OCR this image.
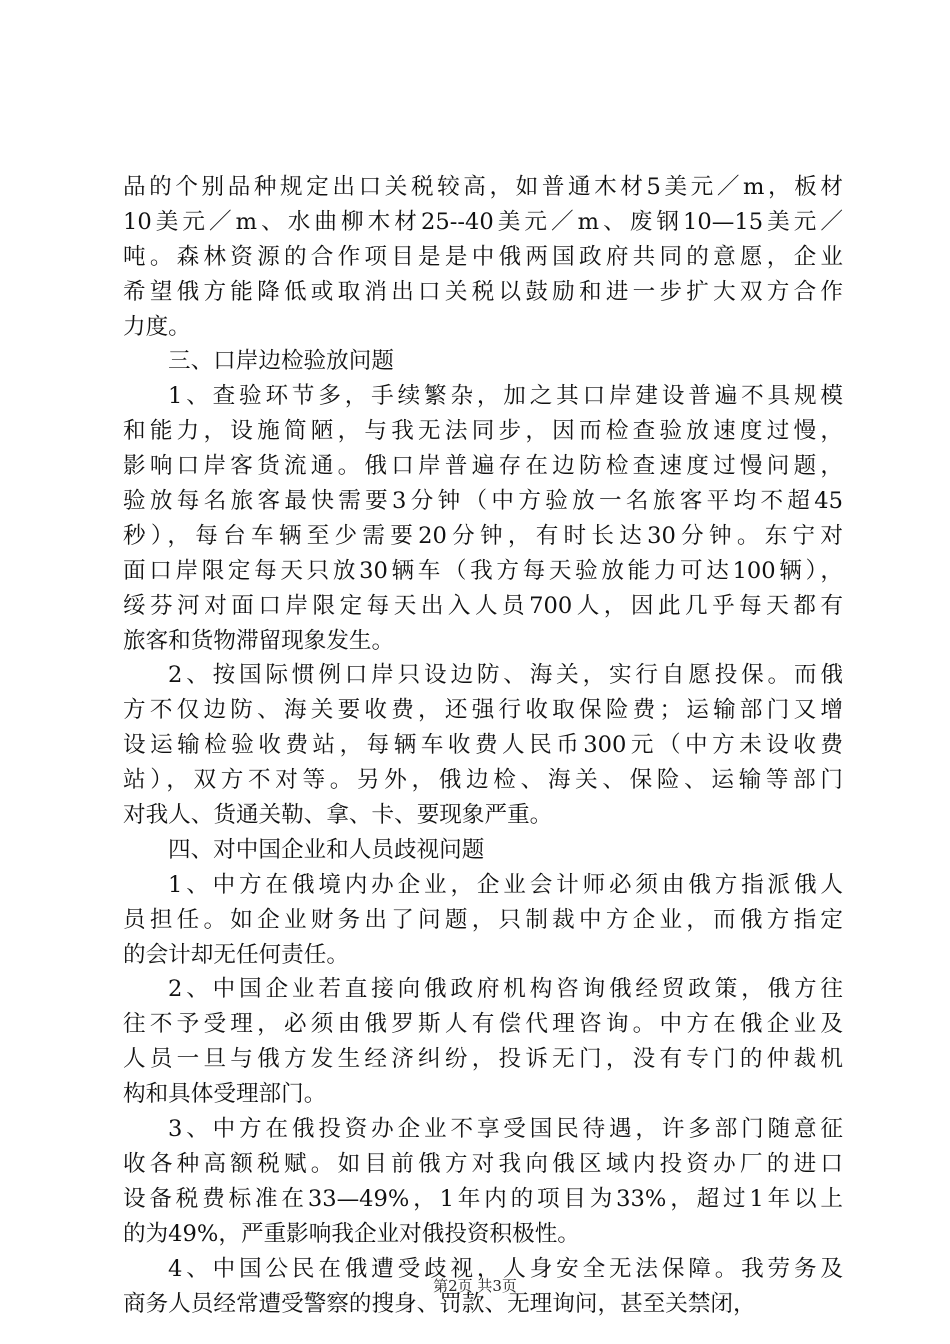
品的个别品种规定出口关税较高，如普通木材5美元／m，板材
10美元／m、水曲柳木材25--40美元／m、废钢10—15美元／
吨。森林资源的合作项目是是中俄两国政府共同的意愿，企业
希望俄方能降低或取消出口关税以鼓励和进一步扩大双方合作
力度。
三、口岸边检验放问题
1、查验环节多，手续繁杂，加之其口岸建设普遍不具规模
和能力，设施简陋，与我无法同步，因而检查验放速度过慢，
影响口岸客货流通。俄口岸普遍存在边防检查速度过慢问题，
验放每名旅客最快需要3分钟（中方验放一名旅客平均不超45
秒），每台车辆至少需要20分钟，有时长达30分钟。东宁对
面口岸限定每天只放30辆车（我方每天验放能力可达100辆），
绥芬河对面口岸限定每天出入人员700人，因此几乎每天都有
旅客和货物滞留现象发生。
2、按国际惯例口岸只设边防、海关，实行自愿投保。而俄
方不仅边防、海关要收费，还强行收取保险费；运输部门又增
设运输检验收费站，每辆车收费人民币300元（中方未设收费
站），双方不对等。另外，俄边检、海关、保险、运输等部门
对我人、货通关勒、拿、卡、要现象严重。
四、对中国企业和人员歧视问题
1、中方在俄境内办企业，企业会计师必须由俄方指派俄人
员担任。如企业财务出了问题，只制裁中方企业，而俄方指定
的会计却无任何责任。
2、中国企业若直接向俄政府机构咨询俄经贸政策，俄方往
往不予受理，必须由俄罗斯人有偿代理咨询。中方在俄企业及
人员一旦与俄方发生经济纠纷，投诉无门，没有专门的仲裁机
构和具体受理部门。
3、中方在俄投资办企业不享受国民待遇，许多部门随意征
收各种高额税赋。如目前俄方对我向俄区域内投资办厂的进口
设备税费标准在33—49%，1年内的项目为33%，超过1年以上
的为49%，严重影响我企业对俄投资积极性。
4、中国公民在俄遭受歧视，人身安全无法保障。我劳务及
商务人员经常遭受警察的搜身、罚款、无理询问，甚至关禁闭，
第2页 共3页
